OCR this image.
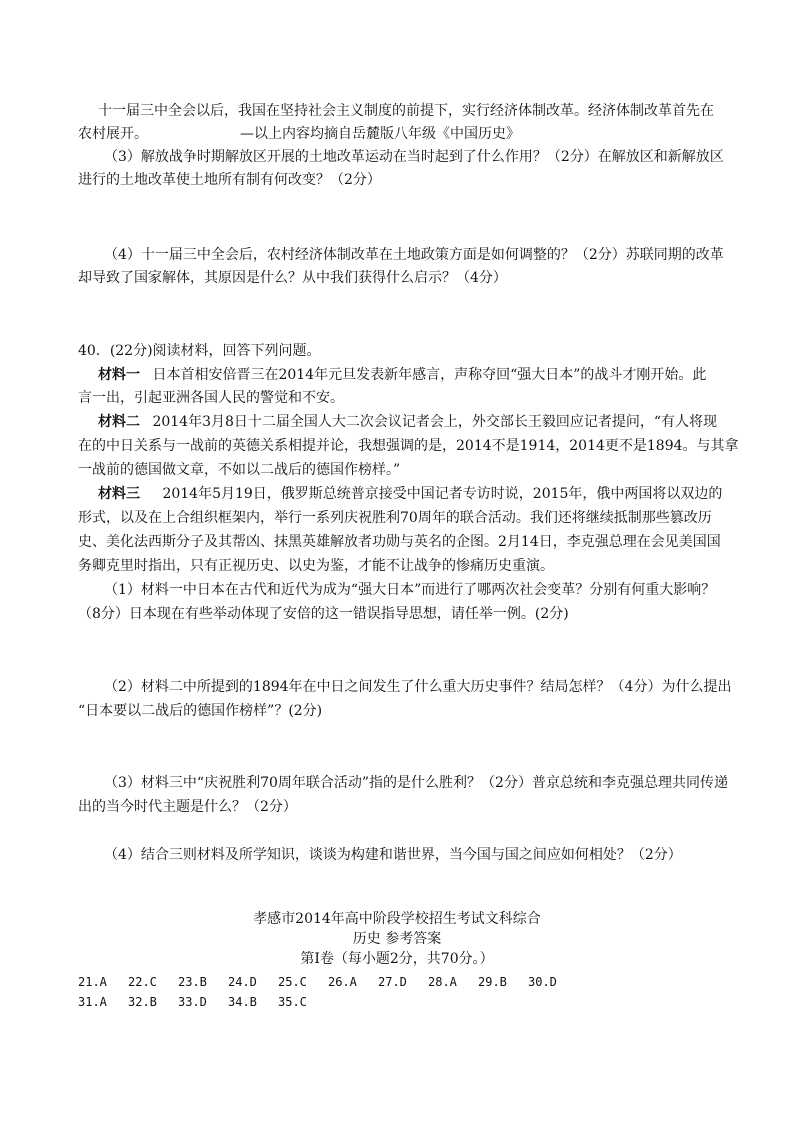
十一届三中全会以后，我国在坚持社会主义制度的前提下，实行经济体制改革。经济体制改革首先在
农村展开。	—以上内容均摘自岳麓版八年级《中国历史》
（3）解放战争时期解放区开展的土地改革运动在当时起到了什么作用？（2分）在解放区和新解放区
进行的土地改革使土地所有制有何改变？（2分）
（4）十一届三中全会后，农村经济体制改革在土地政策方面是如何调整的？（2分）苏联同期的改革
却导致了国家解体，其原因是什么？从中我们获得什么启示？（4分）
40．(22分)阅读材料，回答下列问题。
材料一 日本首相安倍晋三在2014年元旦发表新年感言，声称夺回“强大日本”的战斗才刚开始。此
言一出，引起亚洲各国人民的警觉和不安。
材料二 2014年3月8日十二届全国人大二次会议记者会上，外交部长王毅回应记者提问，“有人将现
在的中日关系与一战前的英德关系相提并论，我想强调的是，2014不是1914，2014更不是1894。与其拿
一战前的德国做文章，不如以二战后的德国作榜样。”
材料三 2014年5月19日，俄罗斯总统普京接受中国记者专访时说，2015年，俄中两国将以双边的
形式，以及在上合组织框架内，举行一系列庆祝胜利70周年的联合活动。我们还将继续抵制那些篡改历
史、美化法西斯分子及其帮凶、抹黑英雄解放者功勋与英名的企图。2月14日，李克强总理在会见美国国
务卿克里时指出，只有正视历史、以史为鉴，才能不让战争的惨痛历史重演。
（1）材料一中日本在古代和近代为成为“强大日本”而进行了哪两次社会变革？分别有何重大影响？
（8分）日本现在有些举动体现了安倍的这一错误指导思想，请任举一例。(2分)
（2）材料二中所提到的1894年在中日之间发生了什么重大历史事件？结局怎样？（4分）为什么提出
“日本要以二战后的德国作榜样”？(2分)
（3）材料三中“庆祝胜利70周年联合活动”指的是什么胜利？（2分）普京总统和李克强总理共同传递
出的当今时代主题是什么？（2分）
（4）结合三则材料及所学知识，谈谈为构建和谐世界，当今国与国之间应如何相处？（2分）
孝感市2014年高中阶段学校招生考试文科综合
历史 参考答案
第Ⅰ卷（每小题2分，共70分。）
21.A 22.C 23.B 24.D 25.C 26.A 27.D 28.A 29.B 30.D
31.A 32.B 33.D 34.B 35.C
